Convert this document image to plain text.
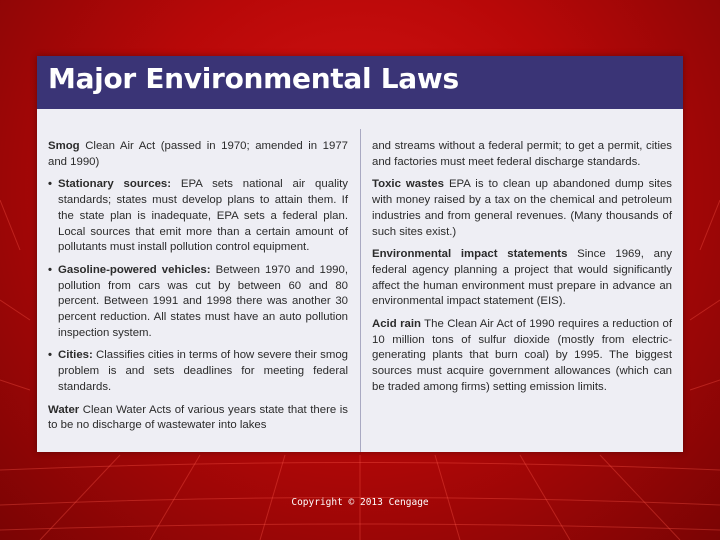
Major Environmental Laws

Smog Clean Air Act (passed in 1970; amended in 1977 and 1990)

• Stationary sources: EPA sets national air quality standards; states must develop plans to attain them. If the state plan is inadequate, EPA sets a federal plan. Local sources that emit more than a certain amount of pollutants must install pollution control equipment.
• Gasoline-powered vehicles: Between 1970 and 1990, pollution from cars was cut by between 60 and 80 percent. Between 1991 and 1998 there was another 30 percent reduction. All states must have an auto pollution inspection system.
• Cities: Classifies cities in terms of how severe their smog problem is and sets deadlines for meeting federal standards.

Water Clean Water Acts of various years state that there is to be no discharge of wastewater into lakes

and streams without a federal permit; to get a permit, cities and factories must meet federal discharge standards.

Toxic wastes EPA is to clean up abandoned dump sites with money raised by a tax on the chemical and petroleum industries and from general revenues. (Many thousands of such sites exist.)

Environmental impact statements Since 1969, any federal agency planning a project that would significantly affect the human environment must prepare in advance an environmental impact statement (EIS).

Acid rain The Clean Air Act of 1990 requires a reduction of 10 million tons of sulfur dioxide (mostly from electric-generating plants that burn coal) by 1995. The biggest sources must acquire government allowances (which can be traded among firms) setting emission limits.

Copyright © 2013 Cengage
